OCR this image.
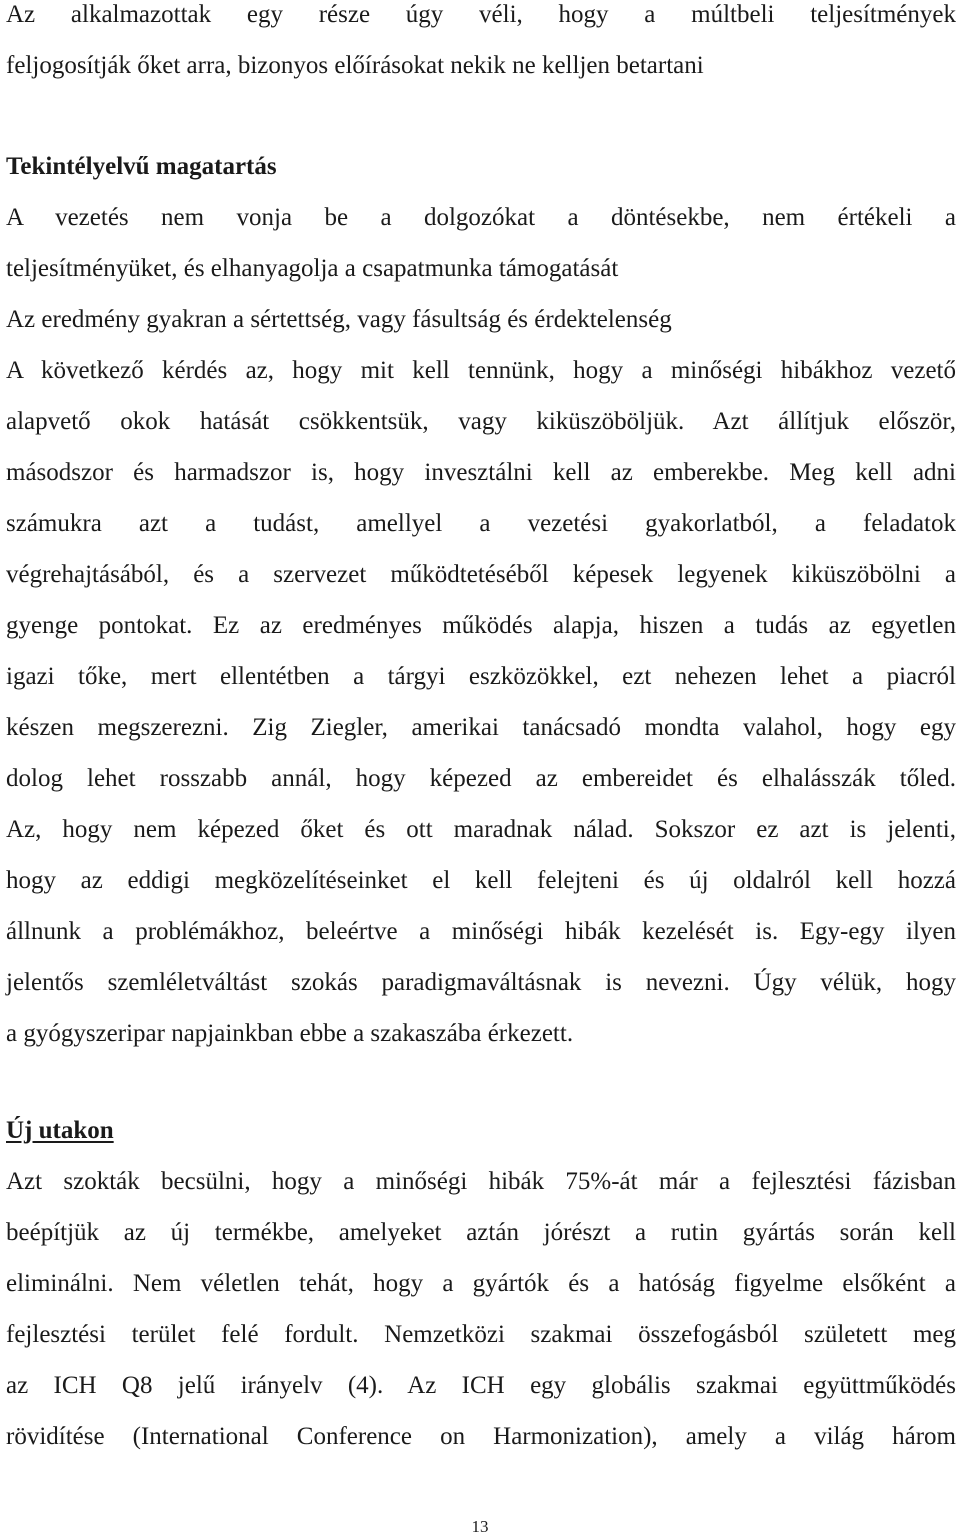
Az alkalmazottak egy része úgy véli, hogy a múltbeli teljesítmények
feljogosítják őket arra, bizonyos előírásokat nekik ne kelljen betartani
Tekintélyelvű magatartás
A vezetés nem vonja be a dolgozókat a döntésekbe, nem értékeli a
teljesítményüket, és elhanyagolja a csapatmunka támogatását
Az eredmény gyakran a sértettség, vagy fásultság és érdektelenség
A következő kérdés az, hogy mit kell tennünk, hogy a minőségi hibákhoz vezető
alapvető okok hatását csökkentsük, vagy kiküszöböljük. Azt állítjuk először,
másodszor és harmadszor is, hogy invesztálni kell az emberekbe. Meg kell adni
számukra azt a tudást, amellyel a vezetési gyakorlatból, a feladatok
végrehajtásából, és a szervezet működtetéséből képesek legyenek kiküszöbölni a
gyenge pontokat. Ez az eredményes működés alapja, hiszen a tudás az egyetlen
igazi tőke, mert ellentétben a tárgyi eszközökkel, ezt nehezen lehet a piacról
készen megszerezni. Zig Ziegler, amerikai tanácsadó mondta valahol, hogy egy
dolog lehet rosszabb annál, hogy képezed az embereidet és elhalásszák tőled.
Az, hogy nem képezed őket és ott maradnak nálad. Sokszor ez azt is jelenti,
hogy az eddigi megközelítéseinket el kell felejteni és új oldalról kell hozzá
állnunk a problémákhoz, beleértve a minőségi hibák kezelését is. Egy-egy ilyen
jelentős szemléletváltást szokás paradigmaváltásnak is nevezni. Úgy vélük, hogy
a gyógyszeripar napjainkban ebbe a szakaszába érkezett.
Új utakon
Azt szokták becsülni, hogy a minőségi hibák 75%-át már a fejlesztési fázisban
beépítjük az új termékbe, amelyeket aztán jórészt a rutin gyártás során kell
eliminálni. Nem véletlen tehát, hogy a gyártók és a hatóság figyelme elsőként a
fejlesztési terület felé fordult. Nemzetközi szakmai összefogásból született meg
az ICH Q8 jelű irányelv (4). Az ICH egy globális szakmai együttműködés
rövidítése (International Conference on Harmonization), amely a világ három
13
